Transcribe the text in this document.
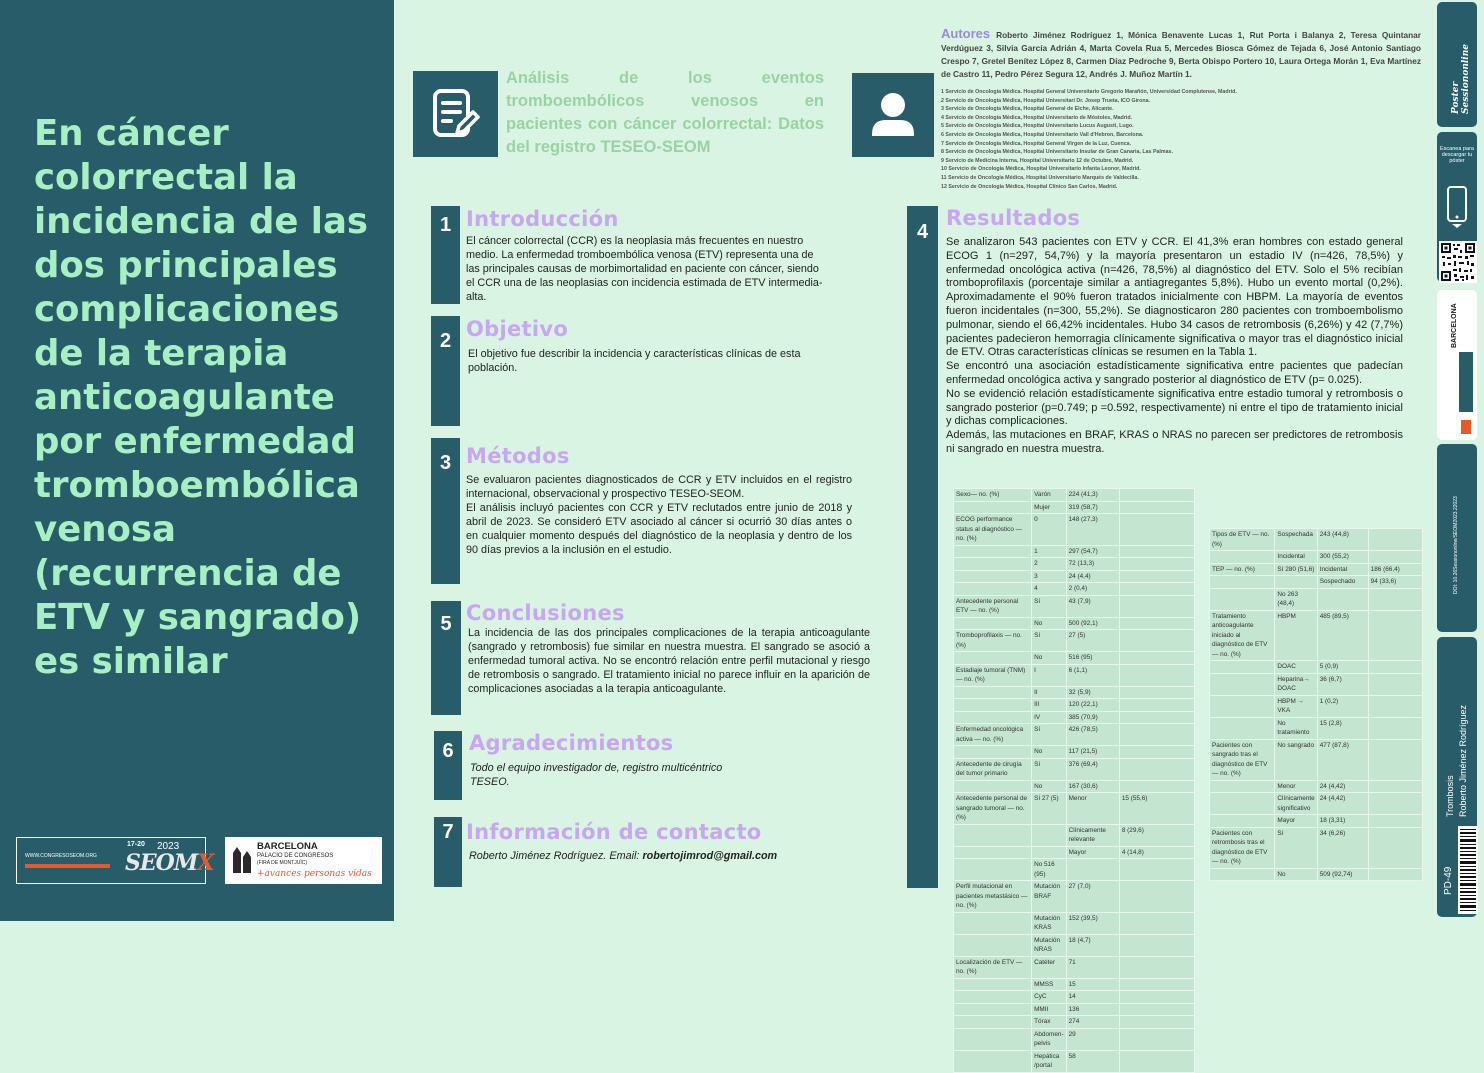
En cáncer
colorrectal la
incidencia de las
dos principales
complicaciones
de la terapia
anticoagulante
por enfermedad
tromboembólica
venosa
(recurrencia de
ETV y sangrado)
es similar
WWW.CONGRESOSEOM.ORG
17-20 2023
SEOMX
BARCELONA
PALACIO DE CONGRESOS
(FIRA DE MONTJUÏC)
+avances personas vidas
Análisis de los eventos
tromboembólicos venosos en
pacientes con cáncer colorrectal: Datos
del registro TESEO-SEOM
Autores Roberto Jiménez Rodríguez 1, Mónica Benavente Lucas 1, Rut Porta i Balanya 2, Teresa Quintanar Verdúguez 3, Silvia García Adrián 4, Marta Covela Rua 5, Mercedes Biosca Gómez de Tejada 6, José Antonio Santiago Crespo 7, Gretel Benítez López 8, Carmen Díaz Pedroche 9, Berta Obispo Portero 10, Laura Ortega Morán 1, Eva Martínez de Castro 11, Pedro Pérez Segura 12, Andrés J. Muñoz Martín 1.
1 Servicio de Oncología Médica. Hospital General Universitario Gregorio Marañón, Universidad Complutense, Madrid.
2 Servicio de Oncología Médica, Hospital Universitari Dr. Josep Trueta, ICO Girona.
3 Servicio de Oncología Médica, Hospital General de Elche, Alicante.
4 Servicio de Oncología Médica, Hospital Universitario de Móstoles, Madrid.
5 Servicio de Oncología Médica, Hospital Universitario Lucus Augusti, Lugo.
6 Servicio de Oncología Médica, Hospital Universitario Vall d'Hebron, Barcelona.
7 Servicio de Oncología Médica, Hospital General Virgen de la Luz, Cuenca.
8 Servicio de Oncología Médica, Hospital Universitario Insular de Gran Canaria, Las Palmas.
9 Servicio de Medicina Interna, Hospital Universitario 12 de Octubre, Madrid.
10 Servicio de Oncología Médica, Hospital Universitario Infanta Leonor, Madrid.
11 Servicio de Oncología Médica, Hospital Universitario Marqués de Valdecilla.
12 Servicio de Oncología Médica, Hospital Clínico San Carlos, Madrid.
1 Introducción
El cáncer colorrectal (CCR) es la neoplasia más frecuentes en nuestro medio. La enfermedad tromboembólica venosa (ETV) representa una de las principales causas de morbimortalidad en paciente con cáncer, siendo el CCR una de las neoplasias con incidencia estimada de ETV intermedia-alta.
2 Objetivo
El objetivo fue describir la incidencia y características clínicas de esta población.
3 Métodos
Se evaluaron pacientes diagnosticados de CCR y ETV incluidos en el registro internacional, observacional y prospectivo TESEO-SEOM.
El análisis incluyó pacientes con CCR y ETV reclutados entre junio de 2018 y abril de 2023. Se consideró ETV asociado al cáncer si ocurrió 30 días antes o en cualquier momento después del diagnóstico de la neoplasia y dentro de los 90 días previos a la inclusión en el estudio.
5 Conclusiones
La incidencia de las dos principales complicaciones de la terapia anticoagulante (sangrado y retrombosis) fue similar en nuestra muestra. El sangrado se asoció a enfermedad tumoral activa. No se encontró relación entre perfil mutacional y riesgo de retrombosis o sangrado. El tratamiento inicial no parece influir en la aparición de complicaciones asociadas a la terapia anticoagulante.
6 Agradecimientos
Todo el equipo investigador de, registro multicéntrico TESEO.
7 Información de contacto
Roberto Jiménez Rodríguez. Email: robertojimrod@gmail.com
4
Resultados

Se analizaron 543 pacientes con ETV y CCR. El 41,3% eran hombres con estado general ECOG 1 (n=297, 54,7%) y la mayoría presentaron un estadio IV (n=426, 78,5%) y enfermedad oncológica activa (n=426, 78,5%) al diagnóstico del ETV. Solo el 5% recibían tromboprofilaxis (porcentaje similar a antiagregantes 5,8%). Hubo un evento mortal (0,2%). Aproximadamente el 90% fueron tratados inicialmente con HBPM. La mayoría de eventos fueron incidentales (n=300, 55,2%). Se diagnosticaron 280 pacientes con tromboembolismo pulmonar, siendo el 66,42% incidentales. Hubo 34 casos de retrombosis (6,26%) y 42 (7,7%) pacientes padecieron hemorragia clínicamente significativa o mayor tras el diagnóstico inicial de ETV. Otras características clínicas se resumen en la Tabla 1.

Se encontró una asociación estadísticamente significativa entre pacientes que padecían enfermedad oncológica activa y sangrado posterior al diagnóstico de ETV (p= 0.025).

No se evidenció relación estadísticamente significativa entre estadio tumoral y retrombosis o sangrado posterior (p=0.749; p =0.592, respectivamente) ni entre el tipo de tratamiento inicial y dichas complicaciones.

Además, las mutaciones en BRAF, KRAS o NRAS no parecen ser predictores de retrombosis ni sangrado en nuestra muestra.

Sexo— no. (%)	Varón	224 (41,3)	
	Mujer	319 (58,7)	
ECOG performance status al diagnóstico — no. (%)	0	148 (27,3)	
	1	297 (54,7)	
	2	72 (13,3)	
	3	24 (4,4)	
	4	2 (0,4)	
Antecedente personal ETV — no. (%)	Sí	43 (7,9)	
	No	500 (92,1)	
Tromboprofilaxis — no. (%)	Sí	27 (5)	
	No	516 (95)	
Estadiaje tumoral (TNM) — no. (%)	I	6 (1,1)	
	II	32 (5,9)	
	III	120 (22,1)	
	IV	385 (70,9)	
Enfermedad oncológica activa — no. (%)	Sí	426 (78,5)	
	No	117 (21,5)	
Antecedente de cirugía del tumor primario	Sí	376 (69,4)	
	No	167 (30,6)	
Antecedente personal de sangrado tumoral — no. (%)	Sí 27 (5)	Menor	15 (55,6)
		Clínicamente relevante	8 (29,6)
		Mayor	4 (14,8)
	No 516 (95)		
Perfil mutacional en pacientes metastásico — no. (%)	Mutación BRAF	27 (7,0)	
	Mutación KRAS	152 (39,5)	
	Mutación NRAS	18 (4,7)	
Localización de ETV — no. (%)	Catéter	71	
	MMSS	15	
	CyC	14	
	MMII	136	
	Tórax	274	
	Abdomen- pelvis	29	
	Hepática /portal	58	
Tipos de ETV — no. (%)	Sospechada	243 (44,8)	
	Incidental	300 (55,2)	
TEP — no. (%)	Sí 280 (51,6)	Incidental	186 (66,4)
		Sospechado	94 (33,6)
	No 263 (48,4)		
Tratamiento anticoagulante iniciado al diagnóstico de ETV — no. (%)	HBPM	485 (89,5)	
	DOAC	5 (0,9)	
	Heparina→ DOAC	36 (6,7)	
	HBPM → VKA	1 (0,2)	
	No tratamiento	15 (2,8)	
Pacientes con sangrado tras el diagnóstico de ETV — no. (%)	No sangrado	477 (87,8)	
	Menor	24 (4,42)	
	Clínicamente significativo	24 (4,42)	
	Mayor	18 (3,31)	
Pacientes con retrombosis tras el diagnóstico de ETV — no. (%)	Sí	34 (6,26)	
	No	509 (92,74)	
Poster Sessiononline
Escanea para descargar tu póster
BARCELONA
DOI: 10.26Sessiononline/SEOM2023.22023
Trombosis Roberto Jiménez Rodríguez
PD-49
